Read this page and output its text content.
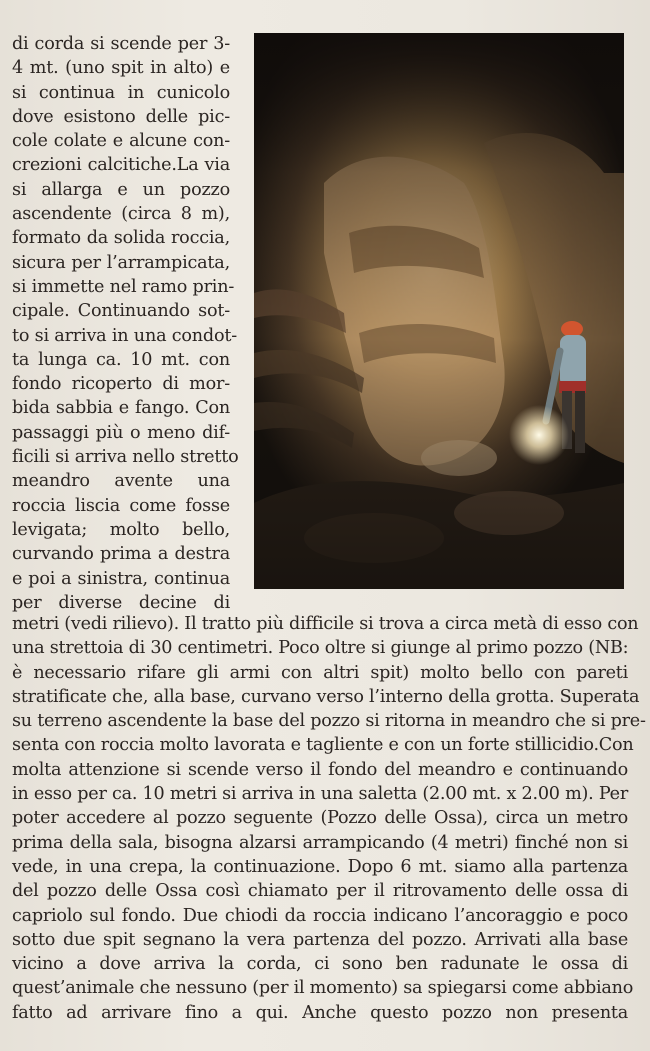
di corda si scende per 3-
4 mt. (uno spit in alto) e
si continua in cunicolo
dove esistono delle pic-
cole colate e alcune con-
crezioni calcitiche.La via
si allarga e un pozzo
ascendente (circa 8 m),
formato da solida roccia,
sicura per l’arrampicata,
si immette nel ramo prin-
cipale. Continuando sot-
to si arriva in una condot-
ta lunga ca. 10 mt. con
fondo ricoperto di mor-
bida sabbia e fango. Con
passaggi più o meno dif-
ficili si arriva nello stretto
meandro avente una
roccia liscia come fosse
levigata; molto bello,
curvando prima a destra
e poi a sinistra, continua
per diverse decine di
metri (vedi rilievo). Il tratto più difficile si trova a circa metà di esso con
una strettoia di 30 centimetri. Poco oltre si giunge al primo pozzo (NB:
è necessario rifare gli armi con altri spit) molto bello con pareti
stratificate che, alla base, curvano verso l’interno della grotta. Superata
su terreno ascendente la base del pozzo si ritorna in meandro che si pre-
senta con roccia molto lavorata e tagliente e con un forte stillicidio.Con
molta attenzione si scende verso il fondo del meandro e continuando
in esso per ca. 10 metri si arriva in una saletta (2.00 mt. x 2.00 m). Per
poter accedere al pozzo seguente (Pozzo delle Ossa), circa un metro
prima della sala, bisogna alzarsi arrampicando (4 metri) finché non si
vede, in una crepa, la continuazione. Dopo 6 mt. siamo alla partenza
del pozzo delle Ossa così chiamato per il ritrovamento delle ossa di
capriolo sul fondo. Due chiodi da roccia indicano l’ancoraggio e poco
sotto due spit segnano la vera partenza del pozzo. Arrivati alla base
vicino a dove arriva la corda, ci sono ben radunate le ossa di
quest’animale che nessuno (per il momento) sa spiegarsi come abbiano
fatto ad arrivare fino a qui. Anche questo pozzo non presenta
